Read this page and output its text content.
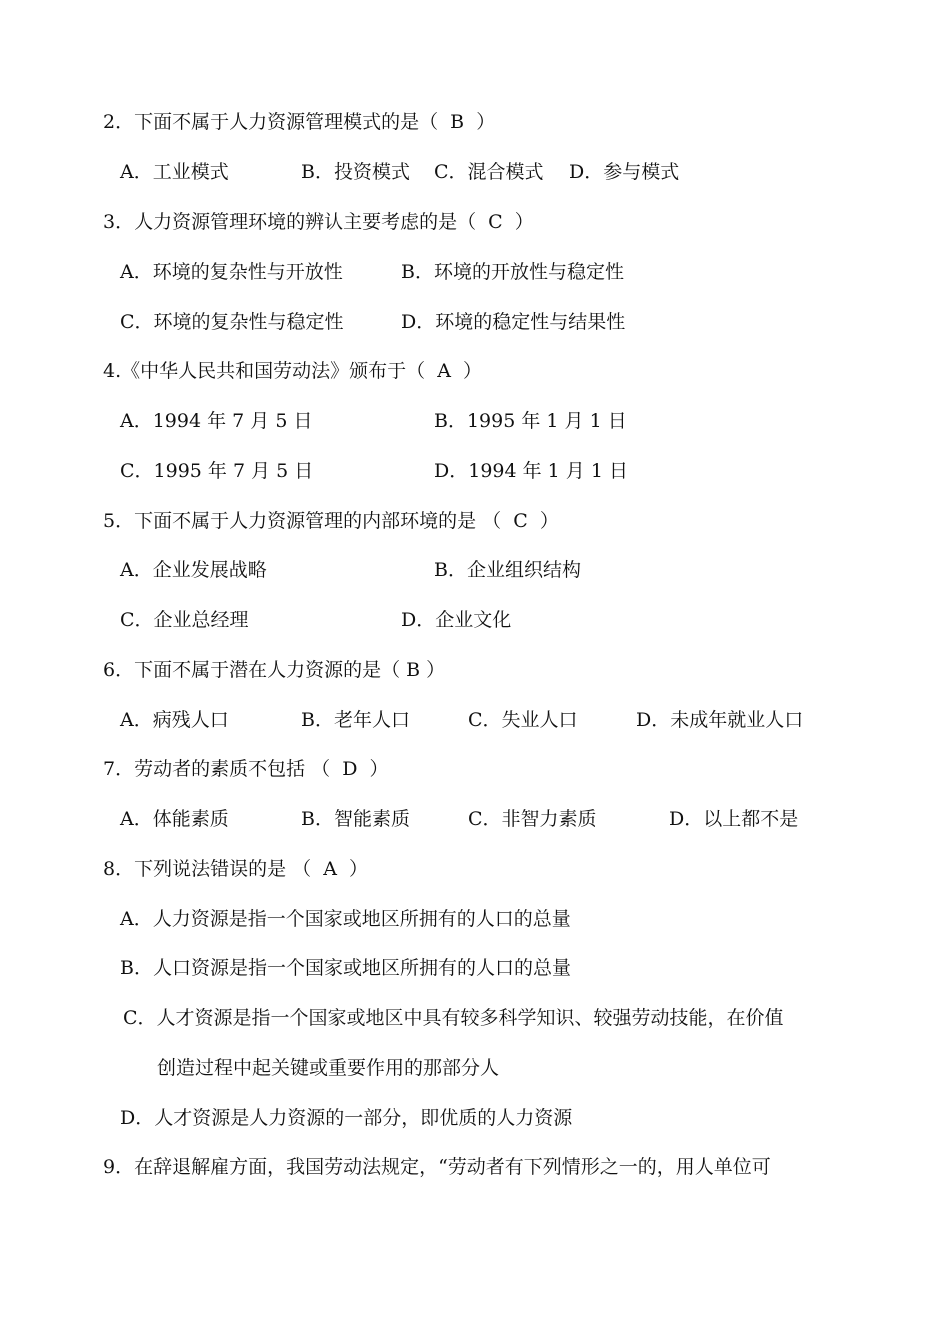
2．下面不属于人力资源管理模式的是（  B  ）
A．工业模式	B．投资模式 C．混合模式 D．参与模式
3．人力资源管理环境的辨认主要考虑的是（  C  ）
A．环境的复杂性与开放性	B．环境的开放性与稳定性
C．环境的复杂性与稳定性	D．环境的稳定性与结果性
4.《中华人民共和国劳动法》颁布于（  A  ）
A．1994 年 7 月 5 日	B．1995 年 1 月 1 日
C．1995 年 7 月 5 日	D．1994 年 1 月 1 日
5．下面不属于人力资源管理的内部环境的是 （  C  ）
A．企业发展战略	B．企业组织结构
C．企业总经理	D．企业文化
6．下面不属于潜在人力资源的是（ B ）
A．病残人口	B．老年人口	C．失业人口	D．未成年就业人口
7．劳动者的素质不包括 （  D  ）
A．体能素质	B．智能素质	C．非智力素质	D．以上都不是
8．下列说法错误的是 （  A  ）
A．人力资源是指一个国家或地区所拥有的人口的总量
B．人口资源是指一个国家或地区所拥有的人口的总量
C．人才资源是指一个国家或地区中具有较多科学知识、较强劳动技能，在价值
创造过程中起关键或重要作用的那部分人
D．人才资源是人力资源的一部分，即优质的人力资源
9．在辞退解雇方面，我国劳动法规定，“劳动者有下列情形之一的，用人单位可
